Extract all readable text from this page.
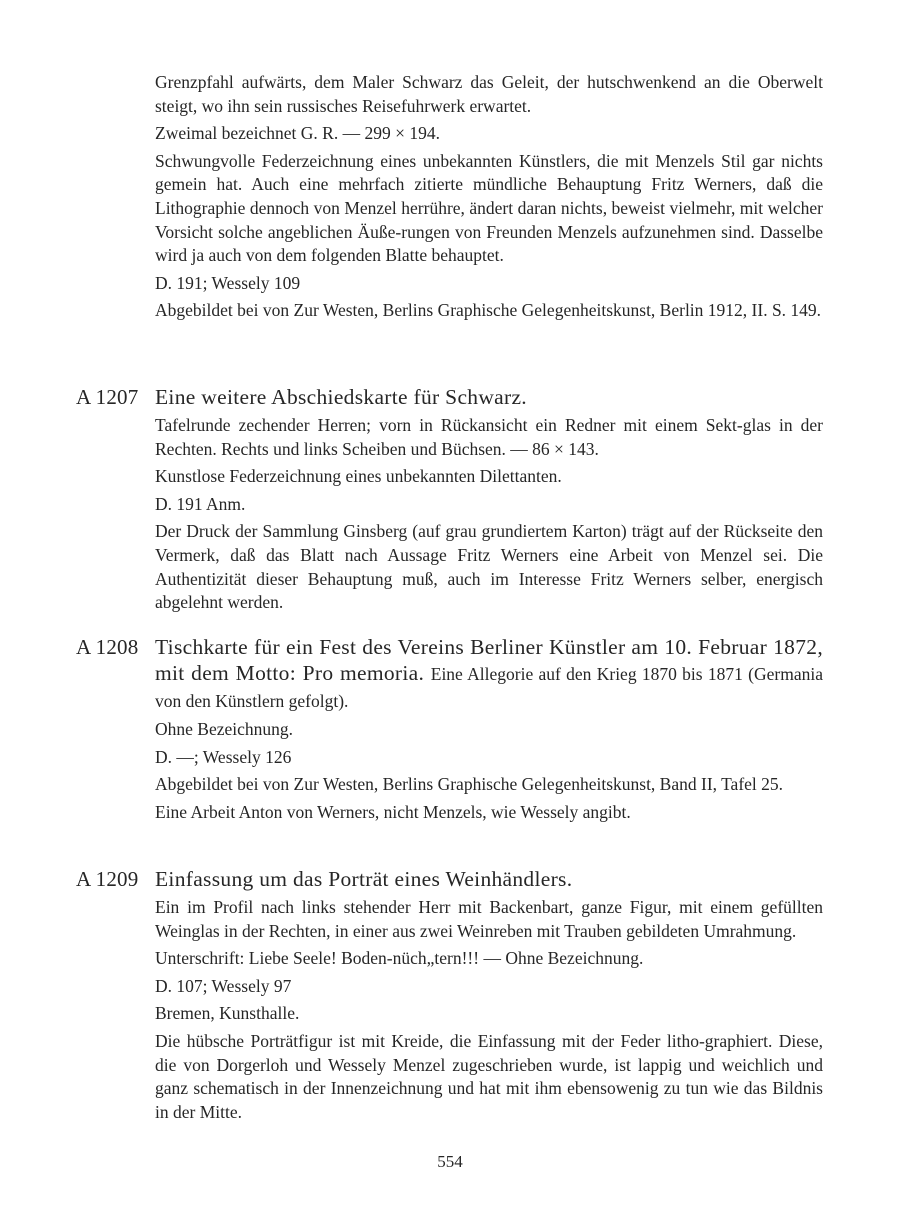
Grenzpfahl aufwärts, dem Maler Schwarz das Geleit, der hutschwenkend an die Oberwelt steigt, wo ihn sein russisches Reisefuhrwerk erwartet.

Zweimal bezeichnet G. R. — 299 × 194.

Schwungvolle Federzeichnung eines unbekannten Künstlers, die mit Menzels Stil gar nichts gemein hat. Auch eine mehrfach zitierte mündliche Behauptung Fritz Werners, daß die Lithographie dennoch von Menzel herrühre, ändert daran nichts, beweist vielmehr, mit welcher Vorsicht solche angeblichen Äuße-rungen von Freunden Menzels aufzunehmen sind. Dasselbe wird ja auch von dem folgenden Blatte behauptet.

D. 191; Wessely 109

Abgebildet bei von Zur Westen, Berlins Graphische Gelegenheitskunst, Berlin 1912, II. S. 149.

A 1207 Eine weitere Abschiedskarte für Schwarz.

Tafelrunde zechender Herren; vorn in Rückansicht ein Redner mit einem Sekt-glas in der Rechten. Rechts und links Scheiben und Büchsen. — 86 × 143.

Kunstlose Federzeichnung eines unbekannten Dilettanten.

D. 191 Anm.

Der Druck der Sammlung Ginsberg (auf grau grundiertem Karton) trägt auf der Rückseite den Vermerk, daß das Blatt nach Aussage Fritz Werners eine Arbeit von Menzel sei. Die Authentizität dieser Behauptung muß, auch im Interesse Fritz Werners selber, energisch abgelehnt werden.

A 1208 Tischkarte für ein Fest des Vereins Berliner Künstler am 10. Februar 1872, mit dem Motto: Pro memoria. Eine Allegorie auf den Krieg 1870 bis 1871 (Germania von den Künstlern gefolgt).

Ohne Bezeichnung.

D. —; Wessely 126

Abgebildet bei von Zur Westen, Berlins Graphische Gelegenheitskunst, Band II, Tafel 25.

Eine Arbeit Anton von Werners, nicht Menzels, wie Wessely angibt.

A 1209 Einfassung um das Porträt eines Weinhändlers.

Ein im Profil nach links stehender Herr mit Backenbart, ganze Figur, mit einem gefüllten Weinglas in der Rechten, in einer aus zwei Weinreben mit Trauben gebildeten Umrahmung.

Unterschrift: Liebe Seele! Boden-nüch„tern!!! — Ohne Bezeichnung.

D. 107; Wessely 97

Bremen, Kunsthalle.

Die hübsche Porträtfigur ist mit Kreide, die Einfassung mit der Feder litho-graphiert. Diese, die von Dorgerloh und Wessely Menzel zugeschrieben wurde, ist lappig und weichlich und ganz schematisch in der Innenzeichnung und hat mit ihm ebensowenig zu tun wie das Bildnis in der Mitte.

554
